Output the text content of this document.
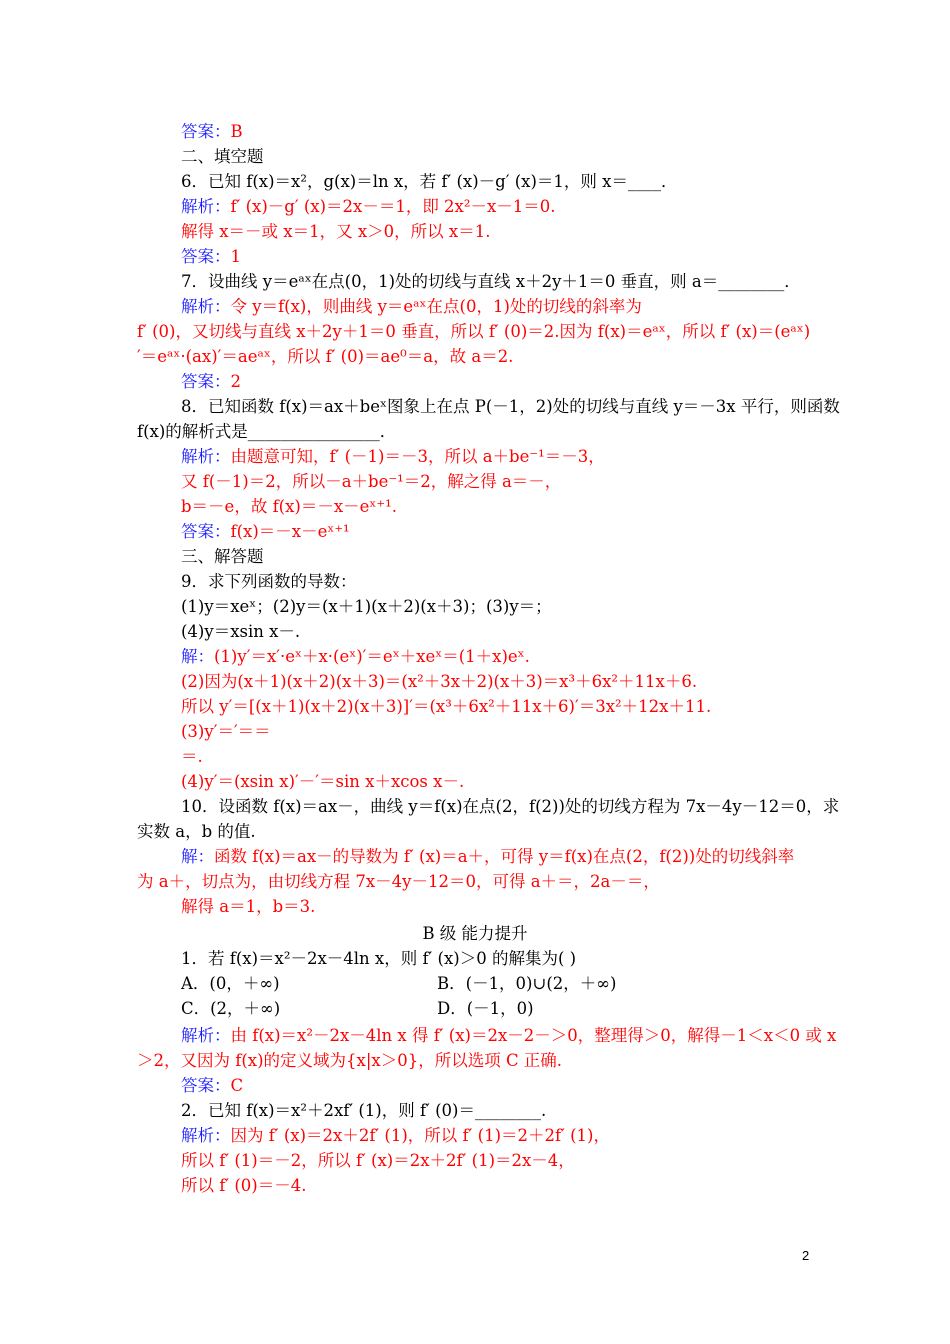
答案：B
二、填空题
6．已知 f(x)＝x²，g(x)＝ln x，若 f′ (x)－g′ (x)＝1，则 x＝____．
解析：f′ (x)－g′ (x)＝2x－＝1，即 2x²－x－1＝0.
解得 x＝－或 x＝1，又 x＞0，所以 x＝1.
答案：1
7．设曲线 y＝eᵃˣ在点(0，1)处的切线与直线 x＋2y＋1＝0 垂直，则 a＝________．
解析：令 y＝f(x)，则曲线 y＝eᵃˣ在点(0，1)处的切线的斜率为
f′ (0)，又切线与直线 x＋2y＋1＝0 垂直，所以 f′ (0)＝2.因为 f(x)＝eᵃˣ，所以 f′ (x)＝(eᵃˣ)
′＝eᵃˣ·(ax)′＝aeᵃˣ，所以 f′ (0)＝ae⁰＝a，故 a＝2.
答案：2
8．已知函数 f(x)＝ax＋beˣ图象上在点 P(－1，2)处的切线与直线 y＝－3x 平行，则函数
f(x)的解析式是________________．
解析：由题意可知，f′ (－1)＝－3，所以 a＋be⁻¹＝－3，
又 f(－1)＝2，所以－a＋be⁻¹＝2，解之得 a＝－，
b＝－e，故 f(x)＝－x－eˣ⁺¹.
答案：f(x)＝－x－eˣ⁺¹
三、解答题
9．求下列函数的导数：
(1)y＝xeˣ；(2)y＝(x＋1)(x＋2)(x＋3)；(3)y＝；
(4)y＝xsin x－.
解：(1)y′＝x′·eˣ＋x·(eˣ)′＝eˣ＋xeˣ＝(1＋x)eˣ.
(2)因为(x＋1)(x＋2)(x＋3)＝(x²＋3x＋2)(x＋3)＝x³＋6x²＋11x＋6.
所以 y′＝[(x＋1)(x＋2)(x＋3)]′＝(x³＋6x²＋11x＋6)′＝3x²＋12x＋11.
(3)y′＝′＝＝
＝.
(4)y′＝(xsin x)′－′＝sin x＋xcos x－.
10．设函数 f(x)＝ax－，曲线 y＝f(x)在点(2，f(2))处的切线方程为 7x－4y－12＝0，求
实数 a，b 的值.
解：函数 f(x)＝ax－的导数为 f′ (x)＝a＋，可得 y＝f(x)在点(2，f(2))处的切线斜率
为 a＋，切点为，由切线方程 7x－4y－12＝0，可得 a＋＝，2a－＝，
解得 a＝1，b＝3.
B 级 能力提升
1．若 f(x)＝x²－2x－4ln x，则 f′ (x)＞0 的解集为( )
A．(0，＋∞)	B．(－1，0)∪(2，＋∞)
C．(2，＋∞)	D．(－1，0)
解析：由 f(x)＝x²－2x－4ln x 得 f′ (x)＝2x－2－＞0，整理得＞0，解得－1＜x＜0 或 x
＞2，又因为 f(x)的定义域为{x|x＞0}，所以选项 C 正确.
答案：C
2．已知 f(x)＝x²＋2xf′ (1)，则 f′ (0)＝________.
解析：因为 f′ (x)＝2x＋2f′ (1)，所以 f′ (1)＝2＋2f′ (1)，
所以 f′ (1)＝－2，所以 f′ (x)＝2x＋2f′ (1)＝2x－4，
所以 f′ (0)＝－4.
2
